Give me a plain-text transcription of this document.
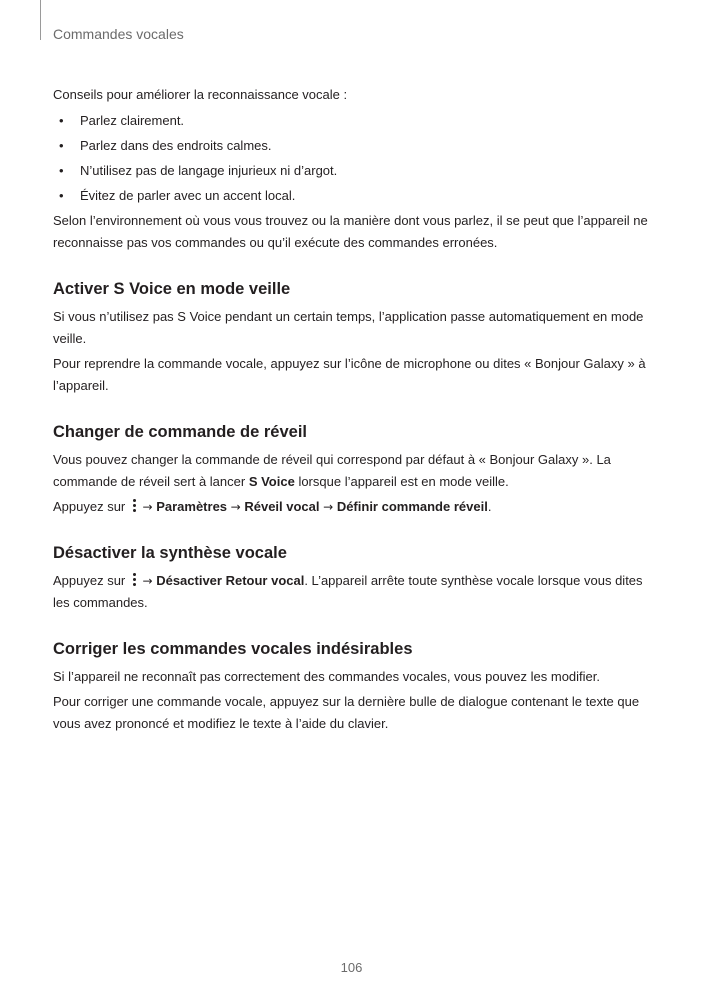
Commandes vocales

Conseils pour améliorer la reconnaissance vocale :

• Parlez clairement.
• Parlez dans des endroits calmes.
• N’utilisez pas de langage injurieux ni d’argot.
• Évitez de parler avec un accent local.

Selon l’environnement où vous vous trouvez ou la manière dont vous parlez, il se peut que l’appareil ne reconnaisse pas vos commandes ou qu’il exécute des commandes erronées.

Activer S Voice en mode veille

Si vous n’utilisez pas S Voice pendant un certain temps, l’application passe automatiquement en mode veille.

Pour reprendre la commande vocale, appuyez sur l’icône de microphone ou dites « Bonjour Galaxy » à l’appareil.

Changer de commande de réveil

Vous pouvez changer la commande de réveil qui correspond par défaut à « Bonjour Galaxy ». La commande de réveil sert à lancer S Voice lorsque l’appareil est en mode veille.

Appuyez sur → Paramètres → Réveil vocal → Définir commande réveil.

Désactiver la synthèse vocale

Appuyez sur → Désactiver Retour vocal. L’appareil arrête toute synthèse vocale lorsque vous dites les commandes.

Corriger les commandes vocales indésirables

Si l’appareil ne reconnaît pas correctement des commandes vocales, vous pouvez les modifier.

Pour corriger une commande vocale, appuyez sur la dernière bulle de dialogue contenant le texte que vous avez prononcé et modifiez le texte à l’aide du clavier.

106
